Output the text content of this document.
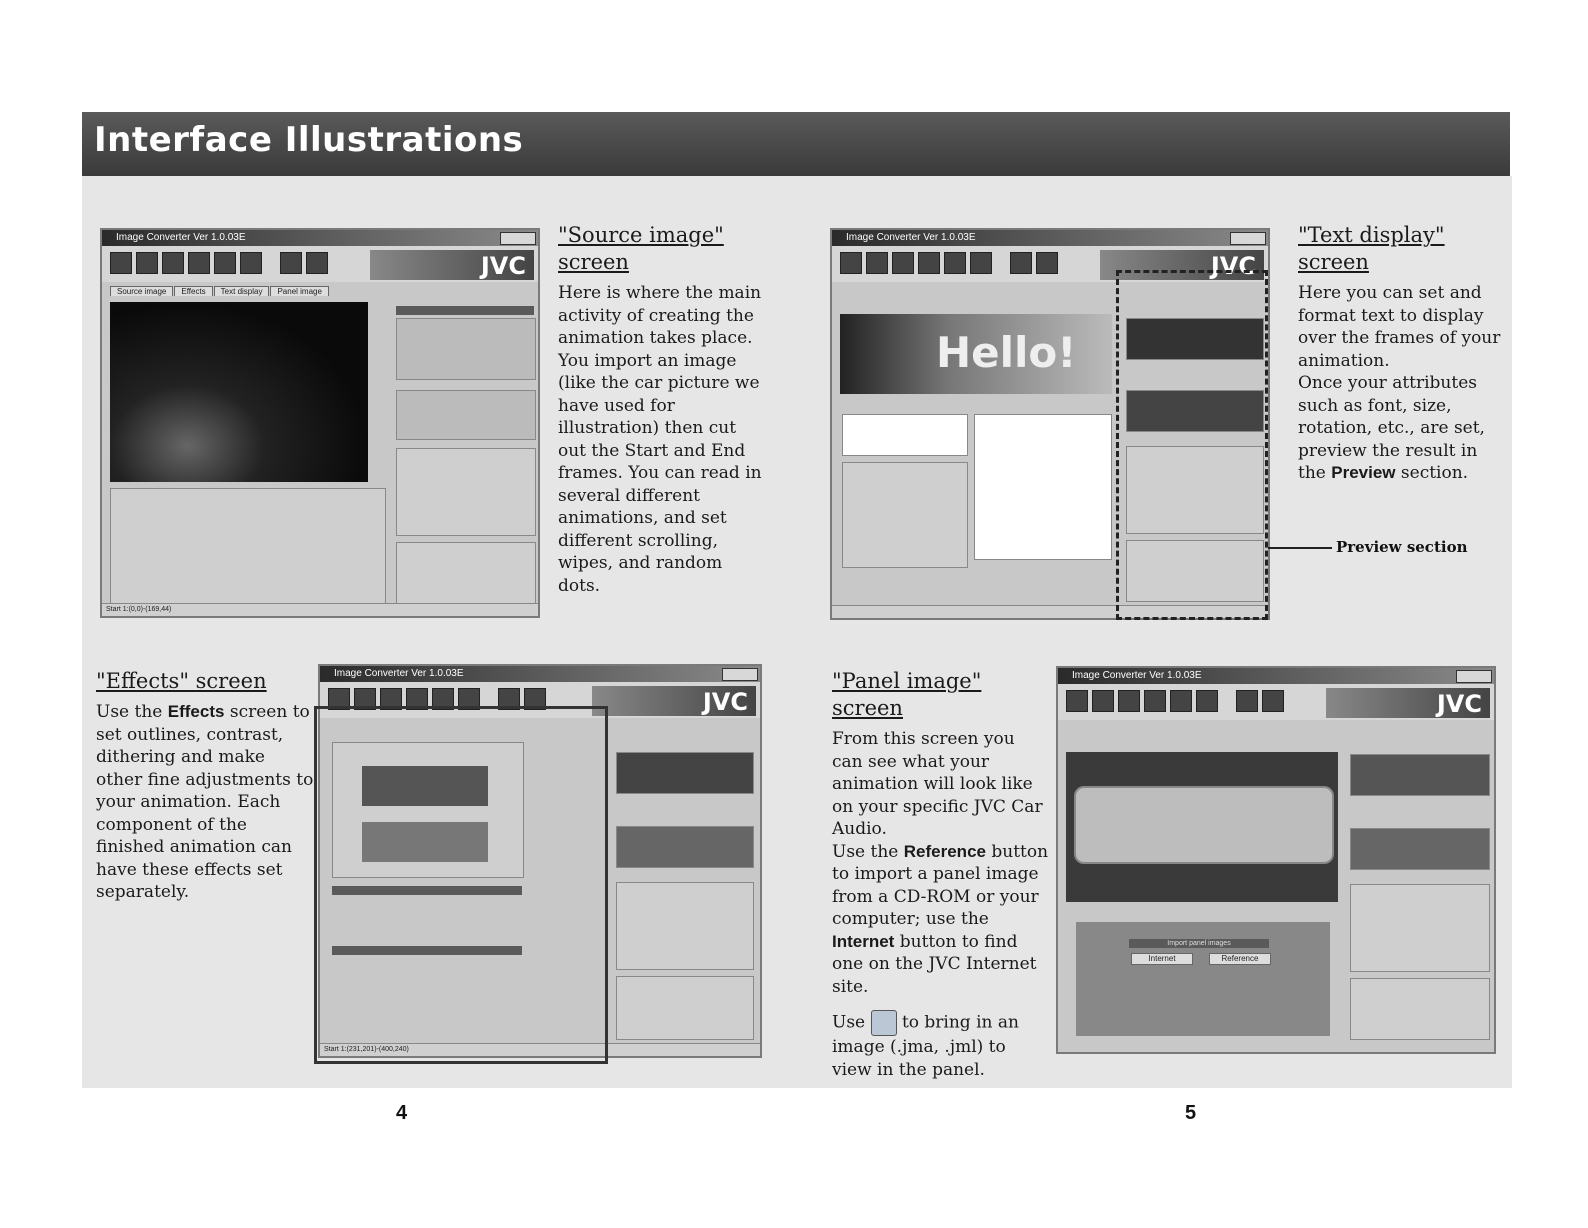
Interface Illustrations
Image Converter Ver 1.0.03E
JVC
Source image Effects Text display Panel image
Start 1:(0,0)-(169,44)
"Source image" screen

Here is where the main activity of creating the animation takes place. You import an image (like the car picture we have used for illustration) then cut out the Start and End frames. You can read in several different animations, and set different scrolling, wipes, and random dots.

Image Converter Ver 1.0.03E
JVC
Hello!
Preview section
"Text display" screen

Here you can set and format text to display over the frames of your animation.

Once your attributes such as font, size, rotation, etc., are set, preview the result in the Preview section.

"Effects" screen

Use the Effects screen to set outlines, contrast, dithering and make other fine adjustments to your animation. Each component of the finished animation can have these effects set separately.

Image Converter Ver 1.0.03E
JVC
Start 1:(231,201)-(400,240)
"Panel image" screen

From this screen you can see what your animation will look like on your specific JVC Car Audio.

Use the Reference button to import a panel image from a CD-ROM or your computer; use the Internet button to find one on the JVC Internet site.

Use to bring in an image (.jma, .jml) to view in the panel.

Image Converter Ver 1.0.03E
JVC
Import panel images
Internet	Reference
4	5
